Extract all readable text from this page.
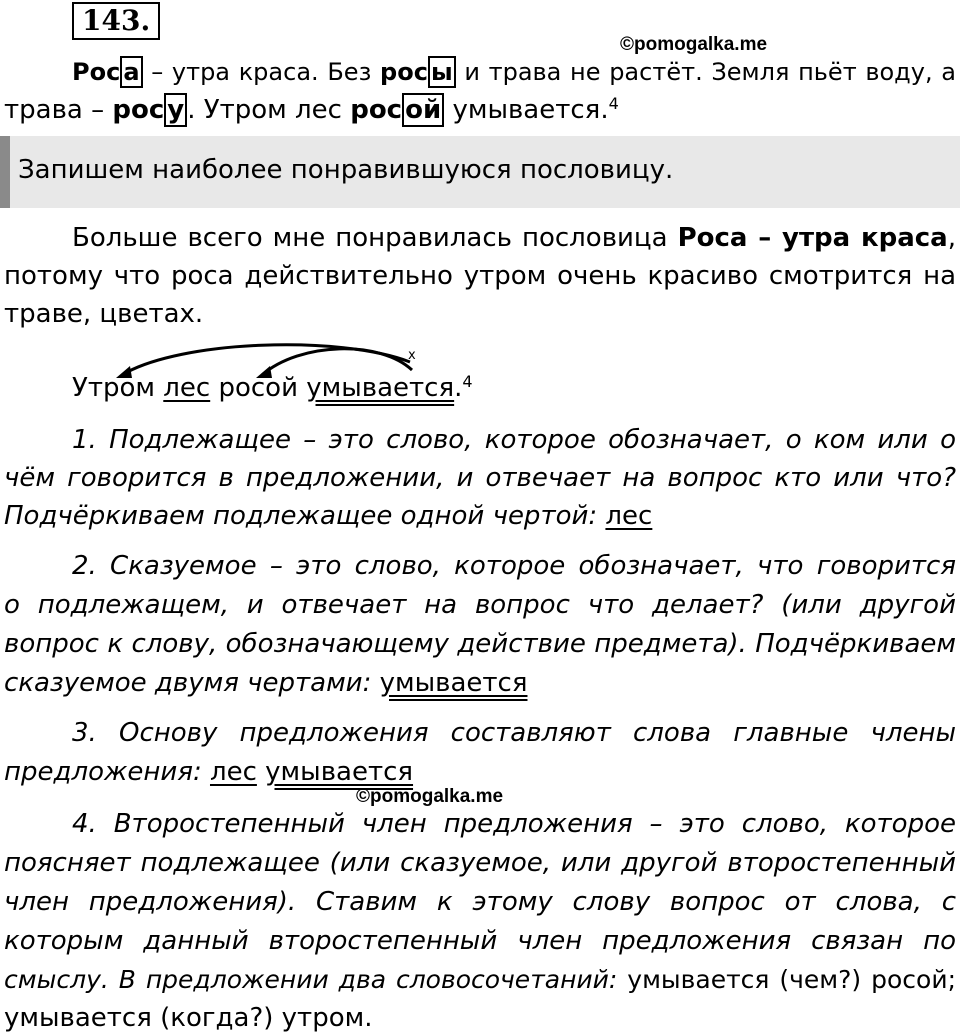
143.
©pomogalka.me
Рос а – утра краса. Без рос ы и трава не растёт. Земля пьёт воду, а
трава – рос у . Утром лес рос ой умывается.$^4$
Запишем наиболее понравившуюся пословицу.
Больше всего мне понравилась пословица Роса – утра краса,
потому что роса действительно утром очень красиво смотрится на
траве, цветах.
x
Утром лес росой умывается.$^4$
1. Подлежащее – это слово, которое обозначает, о ком или о
чём говорится в предложении, и отвечает на вопрос кто или что?
Подчёркиваем подлежащее одной чертой: лес
2. Сказуемое – это слово, которое обозначает, что говорится
о подлежащем, и отвечает на вопрос что делает? (или другой
вопрос к слову, обозначающему действие предмета). Подчёркиваем
сказуемое двумя чертами: умывается
3. Основу предложения составляют слова главные члены
предложения: лес умывается
©pomogalka.me
4. Второстепенный член предложения – это слово, которое
поясняет подлежащее (или сказуемое, или другой второстепенный
член предложения). Ставим к этому слову вопрос от слова, с
которым данный второстепенный член предложения связан по
смыслу. В предложении два словосочетаний: умывается (чем?) росой;
умывается (когда?) утром.
